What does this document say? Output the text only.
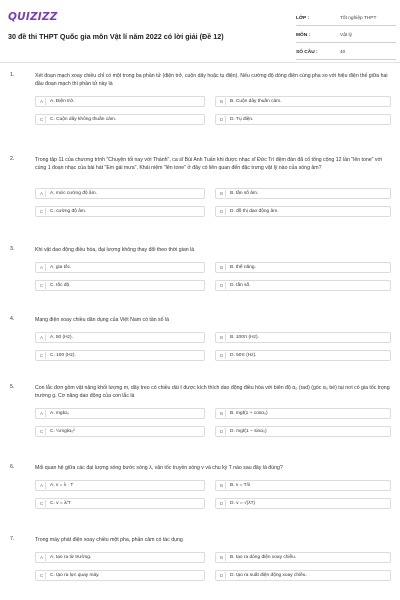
QUIZIZZ
30 đề thi THPT Quốc gia môn Vật lí năm 2022 có lời giải (Đề 12)
LỚP :	Tốt nghiệp THPT
MÔN :	Vật lý
SỐ CÂU :	40
1.	Xét đoạn mạch xoay chiều chỉ có một trong ba phần tử (điện trở, cuộn dây hoặc tụ điện). Nếu cường độ dòng điện cùng pha so với hiệu điện thế giữa hai đầu đoạn mạch thì phần tử này là
A	A. Điện trở.	B	B. Cuộn dây thuần cảm.
C	C. Cuộn dây không thuần cảm.	D	D. Tụ điện.
2.	Trong tập 11 của chương trình "Chuyện tối nay với Thành", ca sĩ Bùi Anh Tuấn khi được nhạc sĩ Đức Trí đệm đàn đã cố tổng cộng 12 lần "lên tone" với cùng 1 đoạn nhạc của bài hát "Em gái mưa". Khái niệm "lên tone" ở đây có liên quan đến đặc trưng vật lý nào của sóng âm?
A	A. mức cường độ âm.	B	B. tần số âm.
C	C. cường độ âm.	D	D. đồ thị dao động âm.
3.	Khi vật dao động điều hòa, đại lượng không thay đổi theo thời gian là
A	A. gia tốc.	B	B. thế năng.
C	C. tốc độ.	D	D. tần số.
4.	Mạng điện xoay chiều dân dụng của Việt Nam có tần số là
A	A. 50 (Hz).	B	B. 100π (Hz).
C	C. 100 (Hz).	D	D. 50π (Hz).
5.	Con lắc đơn gồm vật nặng khối lượng m, dây treo có chiều dài ℓ được kích thích dao động điều hòa với biên độ α₀ (rad) (góc α₀ bé) tại nơi có gia tốc trọng trường g. Cơ năng dao động của con lắc là
A	A. mgℓα₀	B	B. mgℓ(1 + cosα₀)
C	C. ½mgℓα₀²	D	D. mgℓ(1 − sinα₀)
6.	Mối quan hệ giữa các đại lượng sóng bước sóng λ, vận tốc truyền sóng v và chu kỳ T nào sau đây là đúng?
A	A. v = λ · T	B	B. v = T/λ
C	C. v = λ/T	D	D. v = √(λT)
7.	Trong máy phát điện xoay chiều một pha, phần cảm có tác dụng
A	A. tạo ra từ trường.	B	B. tạo ra dòng điện xoay chiều.
C	C. tạo ra lực quay máy.	D	D. tạo ra suất điện động xoay chiều.
